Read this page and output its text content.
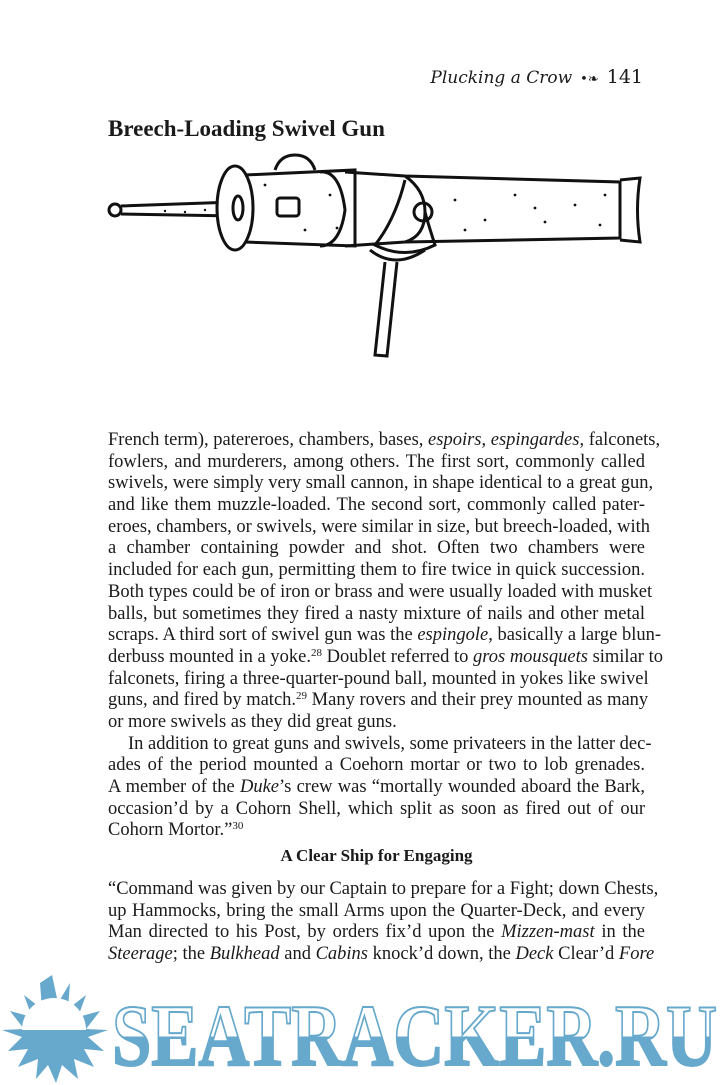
Plucking a Crow •❧ 141
Breech-Loading Swivel Gun
French term), patereroes, chambers, bases, espoirs, espingardes, falconets,
fowlers, and murderers, among others. The first sort, commonly called
swivels, were simply very small cannon, in shape identical to a great gun,
and like them muzzle-loaded. The second sort, commonly called pater-
eroes, chambers, or swivels, were similar in size, but breech-loaded, with
a chamber containing powder and shot. Often two chambers were
included for each gun, permitting them to fire twice in quick succession.
Both types could be of iron or brass and were usually loaded with musket
balls, but sometimes they fired a nasty mixture of nails and other metal
scraps. A third sort of swivel gun was the espingole, basically a large blun-
derbuss mounted in a yoke.$^{28}$ Doublet referred to gros mousquets similar to
falconets, firing a three-quarter-pound ball, mounted in yokes like swivel
guns, and fired by match.$^{29}$ Many rovers and their prey mounted as many
or more swivels as they did great guns.
In addition to great guns and swivels, some privateers in the latter dec-
ades of the period mounted a Coehorn mortar or two to lob grenades.
A member of the Duke’s crew was “mortally wounded aboard the Bark,
occasion’d by a Cohorn Shell, which split as soon as fired out of our
Cohorn Mortor.”$^{30}$
A Clear Ship for Engaging
“Command was given by our Captain to prepare for a Fight; down Chests,
up Hammocks, bring the small Arms upon the Quarter-Deck, and every
Man directed to his Post, by orders fix’d upon the Mizzen-mast in the
Steerage; the Bulkhead and Cabins knock’d down, the Deck Clear’d Fore
SEATRACKER.RU
